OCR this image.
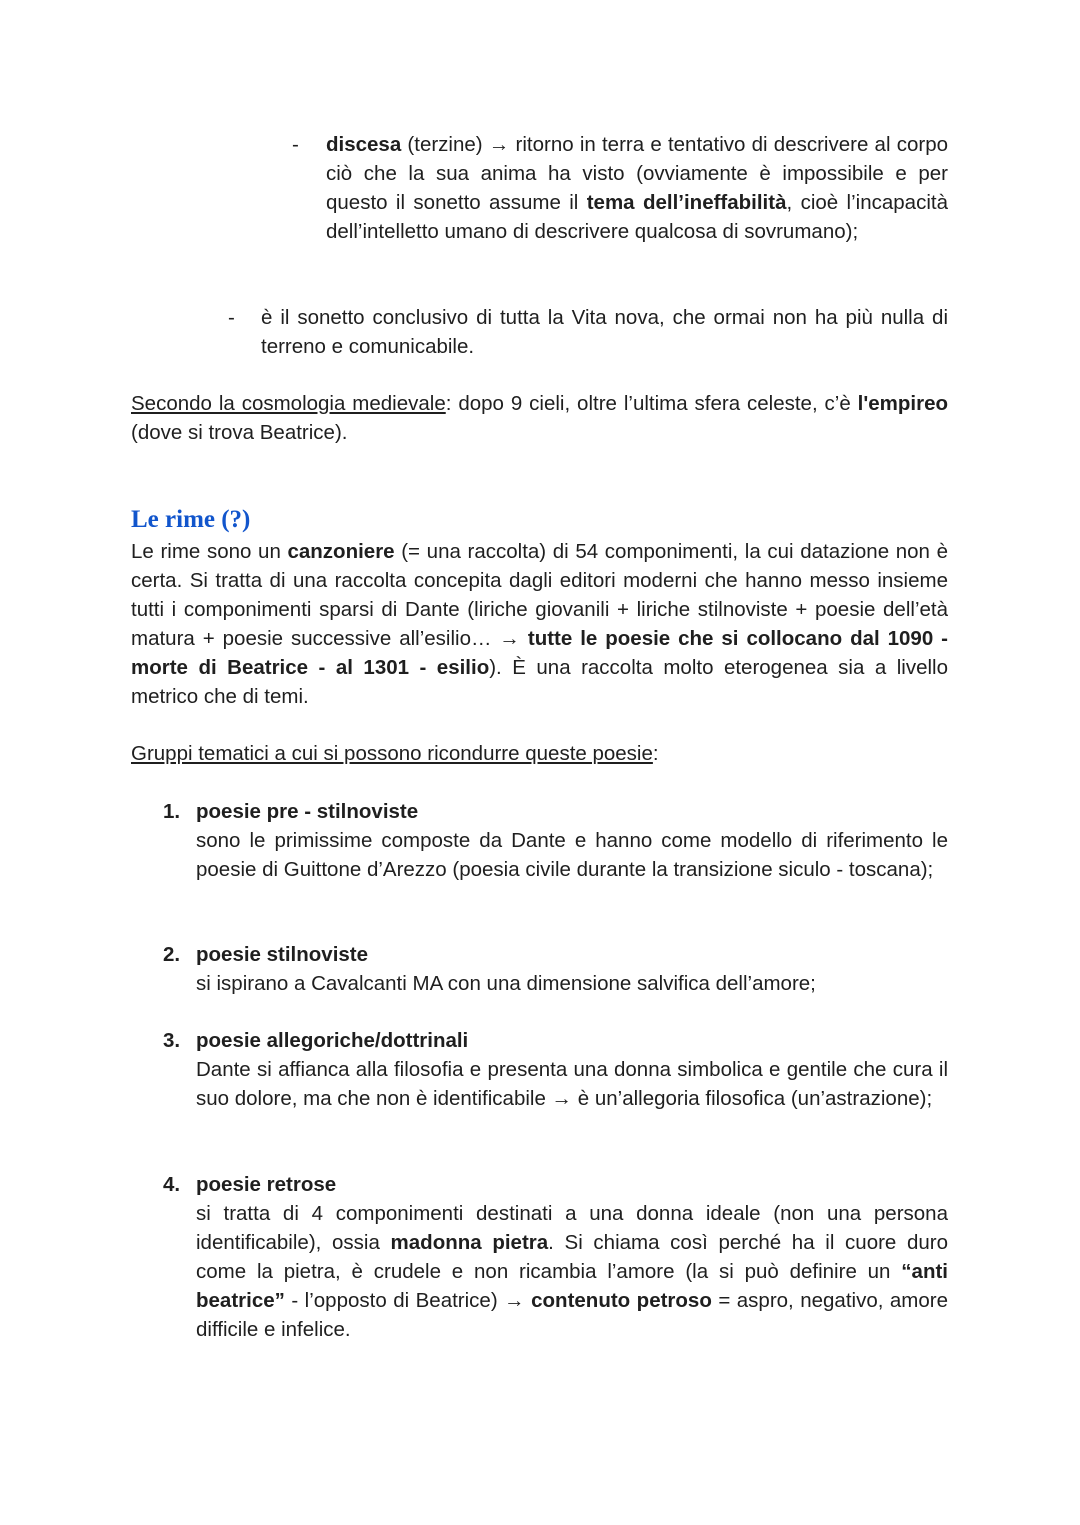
- discesa (terzine) → ritorno in terra e tentativo di descrivere al corpo ciò che la sua anima ha visto (ovviamente è impossibile e per questo il sonetto assume il tema dell’ineffabilità, cioè l’incapacità dell’intelletto umano di descrivere qualcosa di sovrumano);
- è il sonetto conclusivo di tutta la Vita nova, che ormai non ha più nulla di terreno e comunicabile.
Secondo la cosmologia medievale: dopo 9 cieli, oltre l’ultima sfera celeste, c’è l'empireo (dove si trova Beatrice).
Le rime (?)
Le rime sono un canzoniere (= una raccolta) di 54 componimenti, la cui datazione non è certa. Si tratta di una raccolta concepita dagli editori moderni che hanno messo insieme tutti i componimenti sparsi di Dante (liriche giovanili + liriche stilnoviste + poesie dell’età matura + poesie successive all’esilio… → tutte le poesie che si collocano dal 1090 - morte di Beatrice - al 1301 - esilio). È una raccolta molto eterogenea sia a livello metrico che di temi.
Gruppi tematici a cui si possono ricondurre queste poesie:
1. poesie pre - stilnoviste
sono le primissime composte da Dante e hanno come modello di riferimento le poesie di Guittone d’Arezzo (poesia civile durante la transizione siculo - toscana);
2. poesie stilnoviste
si ispirano a Cavalcanti MA con una dimensione salvifica dell’amore;
3. poesie allegoriche/dottrinali
Dante si affianca alla filosofia e presenta una donna simbolica e gentile che cura il suo dolore, ma che non è identificabile → è un’allegoria filosofica (un’astrazione);
4. poesie retrose
si tratta di 4 componimenti destinati a una donna ideale (non una persona identificabile), ossia madonna pietra. Si chiama così perché ha il cuore duro come la pietra, è crudele e non ricambia l’amore (la si può definire un “anti beatrice” - l’opposto di Beatrice) → contenuto petroso = aspro, negativo, amore difficile e infelice.
